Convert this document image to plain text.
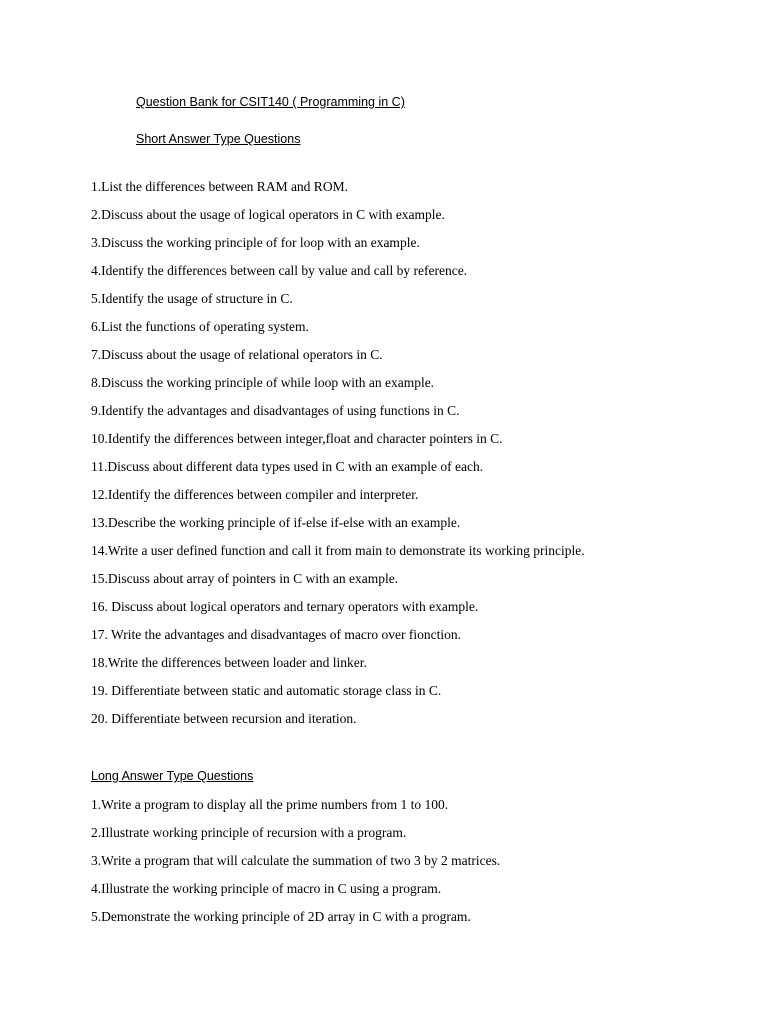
Question Bank for CSIT140 ( Programming in C)
Short Answer Type Questions
1.List the differences between RAM and ROM.
2.Discuss about the usage of logical operators in C with example.
3.Discuss the working principle of for loop with an example.
4.Identify the differences between call by value and call by reference.
5.Identify the usage of structure in C.
6.List the functions of operating system.
7.Discuss about the usage of relational operators in C.
8.Discuss the working principle of while loop with an example.
9.Identify the advantages and disadvantages of using functions in C.
10.Identify the differences between integer,float and character pointers in C.
11.Discuss about different data types used in C with an example of each.
12.Identify the differences between compiler and interpreter.
13.Describe the working principle of if-else if-else with an example.
14.Write a user defined function and call it from main to demonstrate its working principle.
15.Discuss about array of pointers in C with an example.
16. Discuss about logical operators and ternary operators with example.
17. Write the advantages and disadvantages of macro over fionction.
18.Write the differences between loader and linker.
19. Differentiate between static and automatic storage class in C.
20. Differentiate between recursion and iteration.
Long Answer Type Questions
1.Write a program to display all the prime numbers from 1 to 100.
2.Illustrate working principle of recursion with a program.
3.Write a program that will calculate the summation of two 3 by 2 matrices.
4.Illustrate the working principle of macro in C using a program.
5.Demonstrate the working principle of 2D array in C with a program.
